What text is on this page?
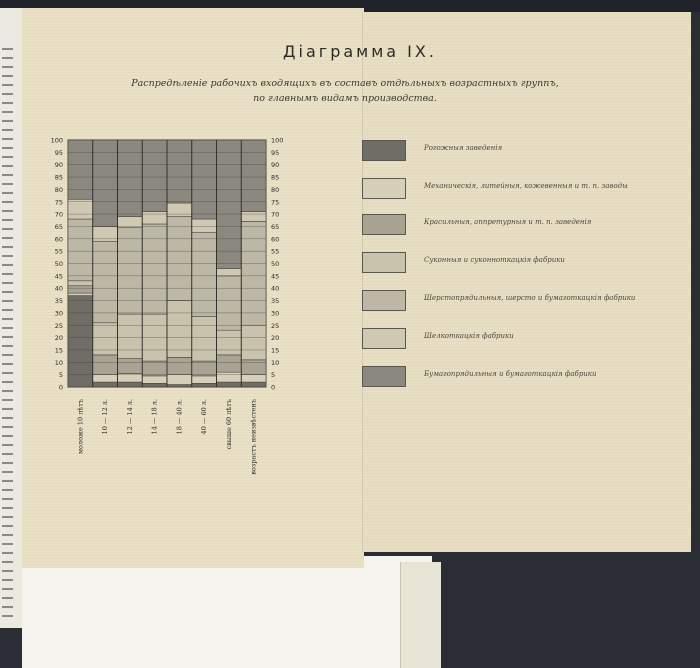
Діаграмма IX.
Распредѣленіе рабочихъ входящихъ въ составъ отдѣльныхъ возрастныхъ группъ,
по главнымъ видамъ производства.
0	0
5	5
10	10
15	15
20	20
25	25
30	30
35	35
40	40
45	45
50	50
55	55
60	60
65	65
70	70
75	75
80	80
85	85
90	90
95	95
100	100
моложе 10 лѣтъ	10 — 12 л.	12 — 14 л.	14 — 18 л.	18 — 40 л.	40 — 60 л.	свыше 60 лѣтъ	возрастъ неизвѣстенъ
Рогожныя заведенія
Механическія, литейныя, кожевенныя и т. п. заводы
Красильныя, аппретурныя и т. п. заведенія
Суконныя и суконноткацкія фабрики
Шерстопрядильныя, шерсто и бумаготкацкія фабрики
Шелкоткацкія фабрики
Бумагопрядильныя и бумаготкацкія фабрики
